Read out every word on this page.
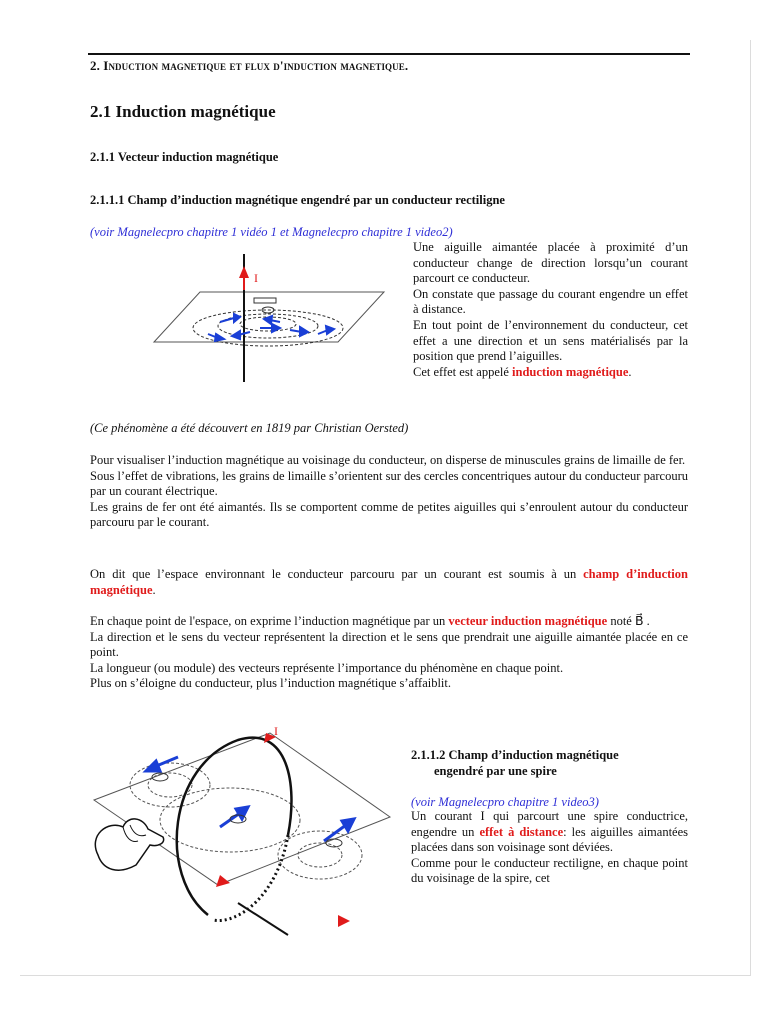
2. Induction magnetique et flux d'induction magnetique.
2.1 Induction magnétique
2.1.1 Vecteur induction magnétique
2.1.1.1 Champ d’induction magnétique engendré par un conducteur rectiligne
(voir Magnelecpro chapitre 1 vidéo 1 et Magnelecpro chapitre 1 video2)
I
Une aiguille aimantée placée à proximité d’un conducteur change de direction lorsqu’un courant parcourt ce conducteur.
On constate que passage du courant engendre un effet à distance.
En tout point de l’environnement du conducteur, cet effet a une direction et un sens matérialisés par la position que prend l’aiguilles.
Cet effet est appelé induction magnétique.
(Ce phénomène a été découvert en 1819 par Christian Oersted)
Pour visualiser l’induction magnétique au voisinage du conducteur, on disperse de minuscules grains de limaille de fer.
Sous l’effet de vibrations, les grains de limaille s’orientent sur des cercles concentriques autour du conducteur parcouru par un courant électrique.
Les grains de fer ont été aimantés. Ils se comportent comme de petites aiguilles qui s’enroulent autour du conducteur parcouru par le courant.
On dit que l’espace environnant le conducteur parcouru par un courant est soumis à un champ d’induction magnétique.
En chaque point de l'espace, on exprime l’induction magnétique par un vecteur induction magnétique noté B⃗ .
La direction et le sens du vecteur représentent la direction et le sens que prendrait une aiguille aimantée placée en ce point.
La longueur (ou module) des vecteurs représente l’importance du phénomène en chaque point.
Plus on s’éloigne du conducteur, plus l’induction magnétique s’affaiblit.
I
2.1.1.2 Champ d’induction magnétique
engendré par une spire
(voir Magnelecpro chapitre 1 video3)
Un courant I qui parcourt une spire conductrice, engendre un effet à distance: les aiguilles aimantées placées dans son voisinage sont déviées.
Comme pour le conducteur rectiligne, en chaque point du voisinage de la spire, cet
